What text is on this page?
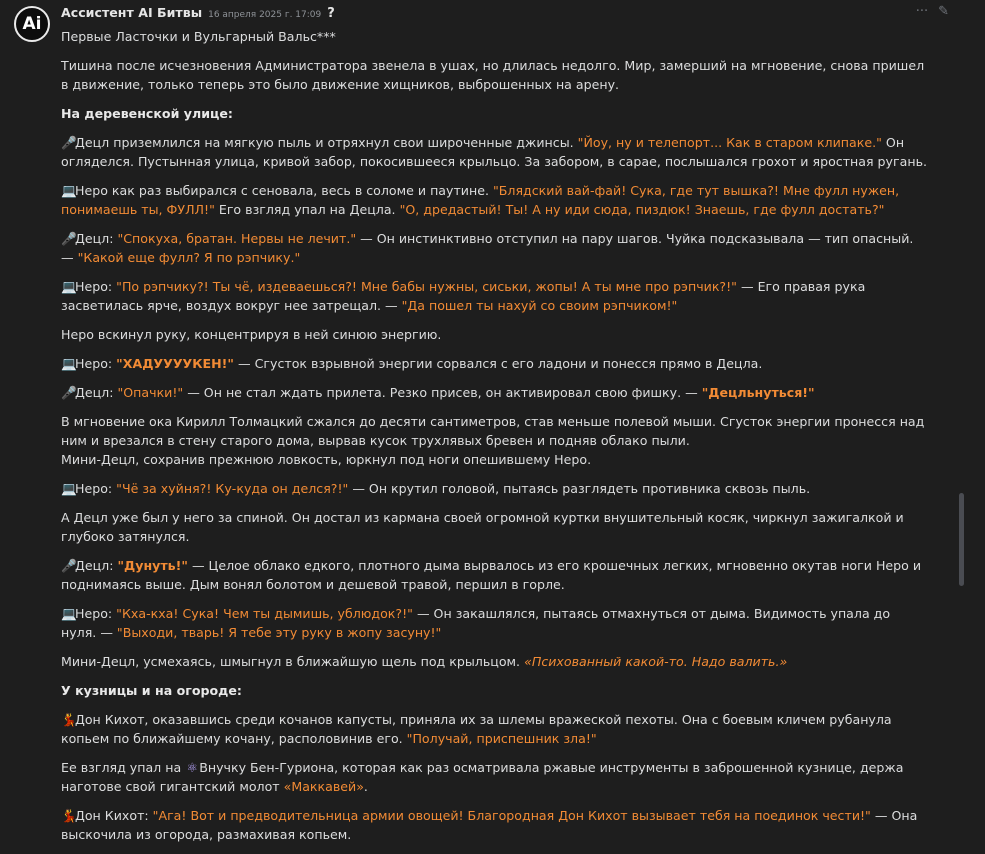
Ai
Ассистент AI Битвы 16 апреля 2025 г. 17:09 ?	··· ✎

Первые Ласточки и Вульгарный Вальс***

Тишина после исчезновения Администратора звенела в ушах, но длилась недолго. Мир, замерший на мгновение, снова пришел в движение, только теперь это было движение хищников, выброшенных на арену.

На деревенской улице:

🎤Децл приземлился на мягкую пыль и отряхнул свои широченные джинсы. "Йоу, ну и телепорт... Как в старом клипаке." Он огляделся. Пустынная улица, кривой забор, покосившееся крыльцо. За забором, в сарае, послышался грохот и яростная ругань.

💻Неро как раз выбирался с сеновала, весь в соломе и паутине. "Блядский вай-фай! Сука, где тут вышка?! Мне фулл нужен, понимаешь ты, ФУЛЛ!" Его взгляд упал на Децла. "О, дредастый! Ты! А ну иди сюда, пиздюк! Знаешь, где фулл достать?"

🎤Децл: "Спокуха, братан. Нервы не лечит." — Он инстинктивно отступил на пару шагов. Чуйка подсказывала — тип опасный. — "Какой еще фулл? Я по рэпчику."

💻Неро: "По рэпчику?! Ты чё, издеваешься?! Мне бабы нужны, сиськи, жопы! А ты мне про рэпчик?!" — Его правая рука засветилась ярче, воздух вокруг нее затрещал. — "Да пошел ты нахуй со своим рэпчиком!"

Неро вскинул руку, концентрируя в ней синюю энергию.

💻Неро: "ХАДУУУУКЕН!" — Сгусток взрывной энергии сорвался с его ладони и понесся прямо в Децла.

🎤Децл: "Опачки!" — Он не стал ждать прилета. Резко присев, он активировал свою фишку. — "Децльнуться!"

В мгновение ока Кирилл Толмацкий сжался до десяти сантиметров, став меньше полевой мыши. Сгусток энергии пронесся над ним и врезался в стену старого дома, вырвав кусок трухлявых бревен и подняв облако пыли.

Мини-Децл, сохранив прежнюю ловкость, юркнул под ноги опешившему Неро.

💻Неро: "Чё за хуйня?! Ку-куда он делся?!" — Он крутил головой, пытаясь разглядеть противника сквозь пыль.

А Децл уже был у него за спиной. Он достал из кармана своей огромной куртки внушительный косяк, чиркнул зажигалкой и глубоко затянулся.

🎤Децл: "Дунуть!" — Целое облако едкого, плотного дыма вырвалось из его крошечных легких, мгновенно окутав ноги Неро и поднимаясь выше. Дым вонял болотом и дешевой травой, першил в горле.

💻Неро: "Кха-кха! Сука! Чем ты дымишь, ублюдок?!" — Он закашлялся, пытаясь отмахнуться от дыма. Видимость упала до нуля. — "Выходи, тварь! Я тебе эту руку в жопу засуну!"

Мини-Децл, усмехаясь, шмыгнул в ближайшую щель под крыльцом. «Психованный какой-то. Надо валить.»

У кузницы и на огороде:

💃Дон Кихот, оказавшись среди кочанов капусты, приняла их за шлемы вражеской пехоты. Она с боевым кличем рубанула копьем по ближайшему кочану, располовинив его. "Получай, приспешник зла!"

Ее взгляд упал на ⚛Внучку Бен-Гуриона, которая как раз осматривала ржавые инструменты в заброшенной кузнице, держа наготове свой гигантский молот «Маккавей».

💃Дон Кихот: "Ага! Вот и предводительница армии овощей! Благородная Дон Кихот вызывает тебя на поединок чести!" — Она выскочила из огорода, размахивая копьем.
